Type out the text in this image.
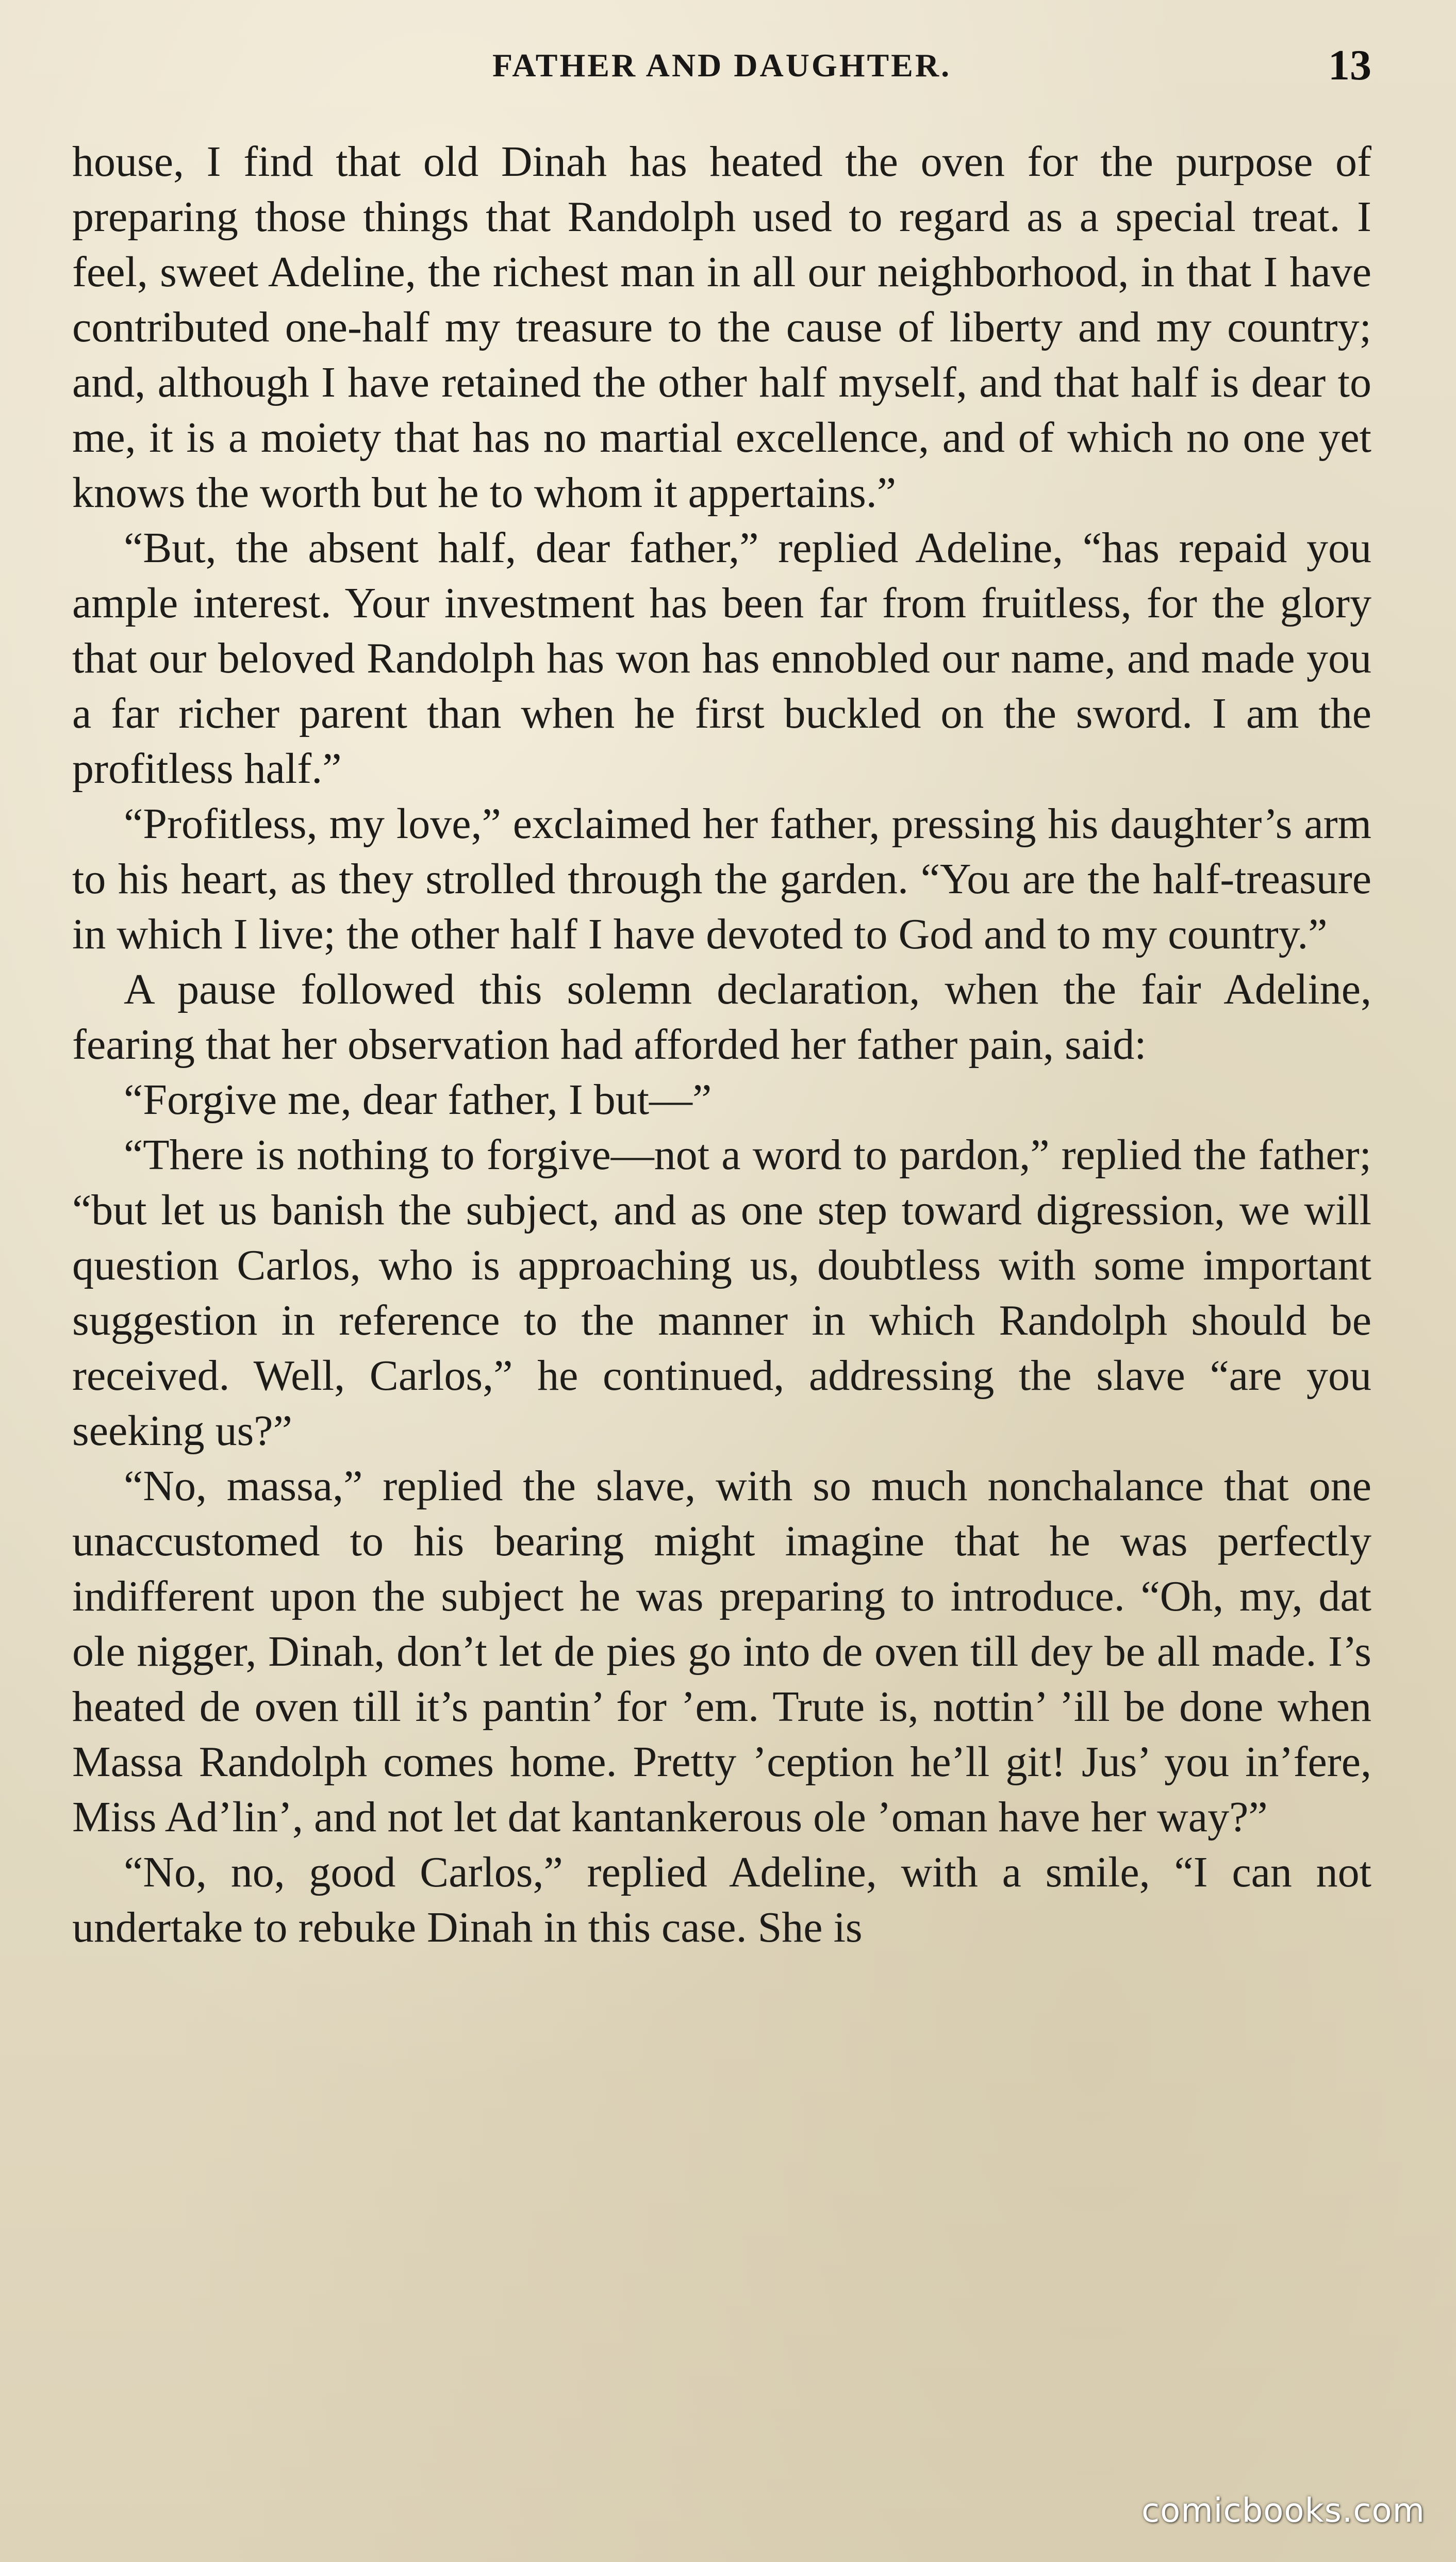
FATHER AND DAUGHTER.	13

house, I find that old Dinah has heated the oven for the purpose of preparing those things that Randolph used to regard as a special treat. I feel, sweet Adeline, the richest man in all our neighborhood, in that I have contributed one-half my treasure to the cause of liberty and my country; and, although I have retained the other half myself, and that half is dear to me, it is a moiety that has no martial excellence, and of which no one yet knows the worth but he to whom it appertains.”

“But, the absent half, dear father,” replied Adeline, “has repaid you ample interest. Your investment has been far from fruitless, for the glory that our beloved Randolph has won has ennobled our name, and made you a far richer parent than when he first buckled on the sword. I am the profitless half.”

“Profitless, my love,” exclaimed her father, pressing his daughter’s arm to his heart, as they strolled through the garden. “You are the half-treasure in which I live; the other half I have devoted to God and to my country.”

A pause followed this solemn declaration, when the fair Adeline, fearing that her observation had afforded her father pain, said:

“Forgive me, dear father, I but—”

“There is nothing to forgive—not a word to pardon,” replied the father; “but let us banish the subject, and as one step toward digression, we will question Carlos, who is approaching us, doubtless with some important suggestion in reference to the manner in which Randolph should be received. Well, Carlos,” he continued, addressing the slave “are you seeking us?”

“No, massa,” replied the slave, with so much nonchalance that one unaccustomed to his bearing might imagine that he was perfectly indifferent upon the subject he was preparing to introduce. “Oh, my, dat ole nigger, Dinah, don’t let de pies go into de oven till dey be all made. I’s heated de oven till it’s pantin’ for ’em. Trute is, nottin’ ’ill be done when Massa Randolph comes home. Pretty ’ception he’ll git! Jus’ you in’fere, Miss Ad’lin’, and not let dat kantankerous ole ’oman have her way?”

“No, no, good Carlos,” replied Adeline, with a smile, “I can not undertake to rebuke Dinah in this case. She is

comicbooks.com
